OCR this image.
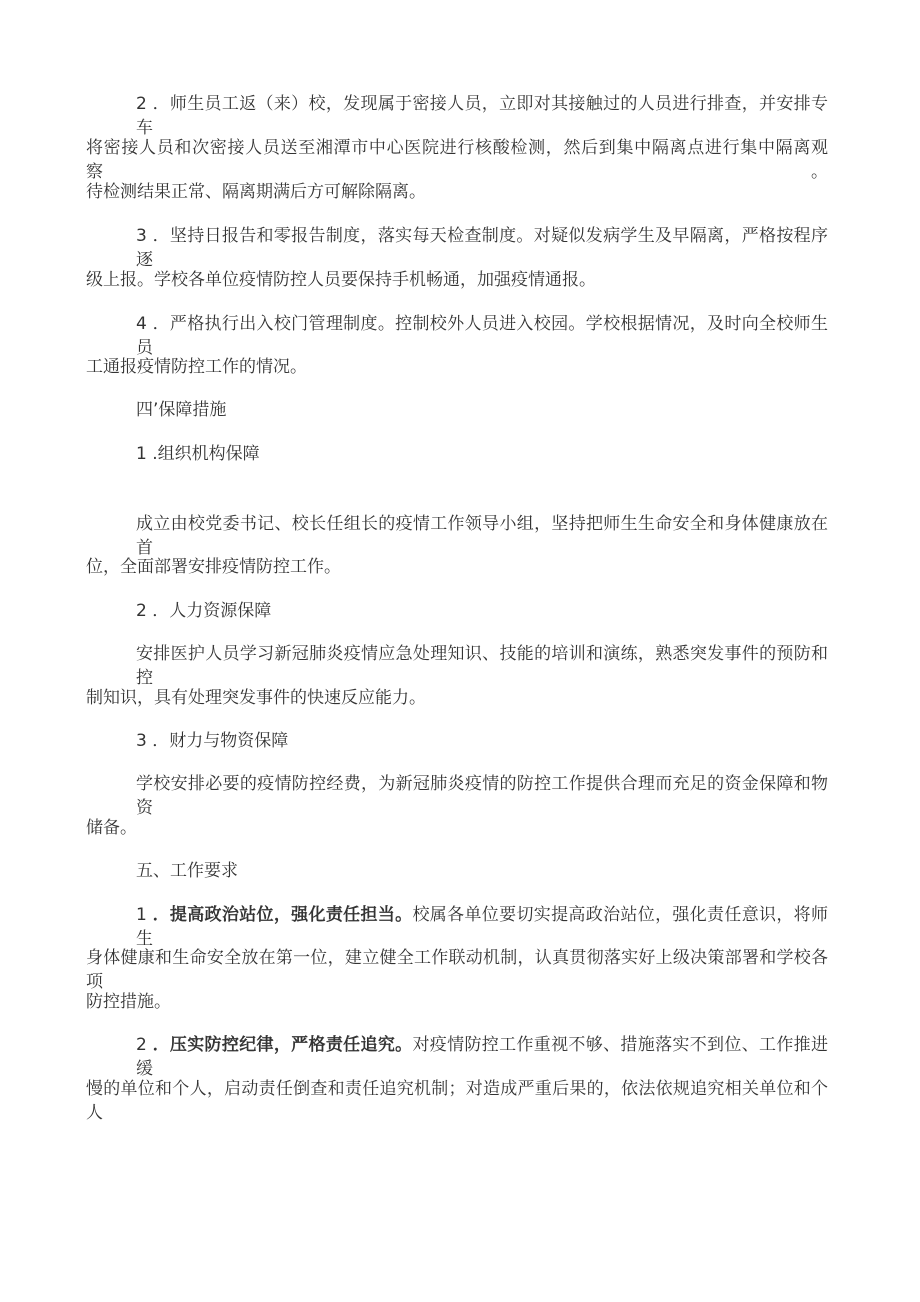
2 ．师生员工返（来）校，发现属于密接人员，立即对其接触过的人员进行排查，并安排专车
将密接人员和次密接人员送至湘潭市中心医院进行核酸检测，然后到集中隔离点进行集中隔离观察。
待检测结果正常、隔离期满后方可解除隔离。
3 ．坚持日报告和零报告制度，落实每天检查制度。对疑似发病学生及早隔离，严格按程序逐
级上报。学校各单位疫情防控人员要保持手机畅通，加强疫情通报。
4 ．严格执行出入校门管理制度。控制校外人员进入校园。学校根据情况，及时向全校师生员
工通报疫情防控工作的情况。
四’保障措施
1 .组织机构保障
成立由校党委书记、校长任组长的疫情工作领导小组，坚持把师生生命安全和身体健康放在首
位，全面部署安排疫情防控工作。
2 ．人力资源保障
安排医护人员学习新冠肺炎疫情应急处理知识、技能的培训和演练，熟悉突发事件的预防和控
制知识，具有处理突发事件的快速反应能力。
3 ．财力与物资保障
学校安排必要的疫情防控经费，为新冠肺炎疫情的防控工作提供合理而充足的资金保障和物资
储备。
五、工作要求
1 ．提高政治站位，强化责任担当。校属各单位要切实提高政治站位，强化责任意识，将师生
身体健康和生命安全放在第一位，建立健全工作联动机制，认真贯彻落实好上级决策部署和学校各项
防控措施。
2 ．压实防控纪律，严格责任追究。对疫情防控工作重视不够、措施落实不到位、工作推进缓
慢的单位和个人，启动责任倒查和责任追究机制；对造成严重后果的，依法依规追究相关单位和个人
